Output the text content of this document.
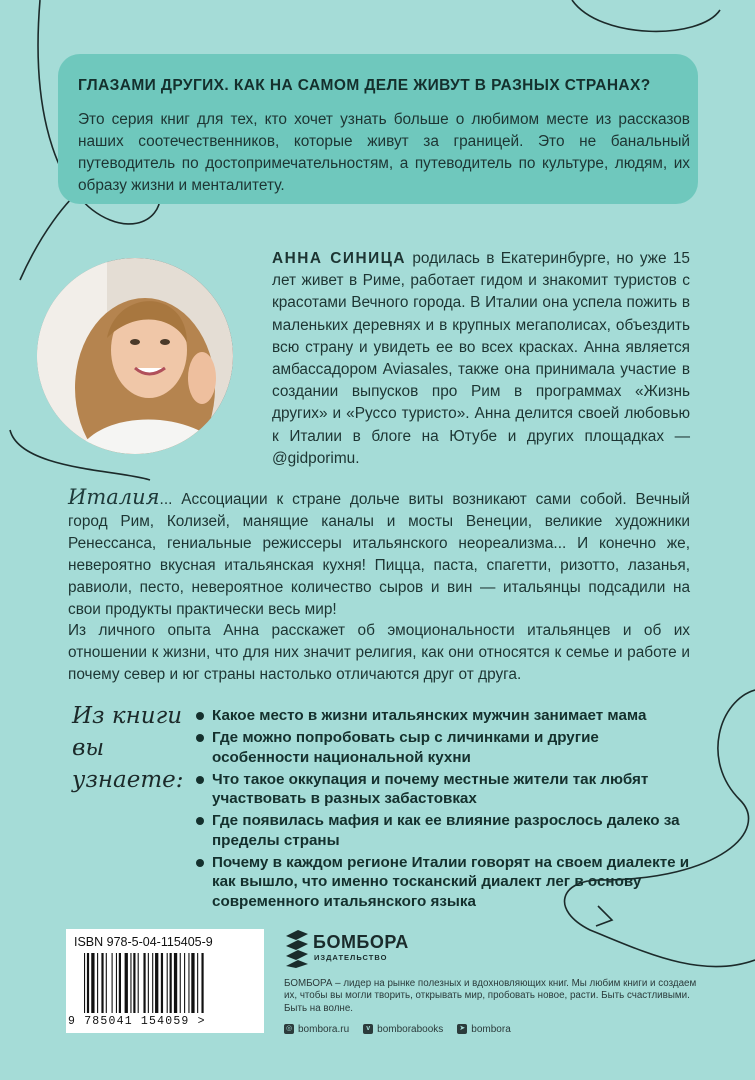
ГЛАЗАМИ ДРУГИХ. КАК НА САМОМ ДЕЛЕ ЖИВУТ В РАЗНЫХ СТРАНАХ?
Это серия книг для тех, кто хочет узнать больше о любимом месте из рассказов наших соотечественников, которые живут за границей. Это не банальный путеводитель по достопримечательностям, а путеводитель по культуре, людям, их образу жизни и менталитету.
АННА СИНИЦА родилась в Екатеринбурге, но уже 15 лет живет в Риме, работает гидом и знакомит туристов с красотами Вечного города. В Италии она успела пожить в маленьких деревнях и в крупных мегаполисах, объездить всю страну и увидеть ее во всех красках. Анна является амбассадором Aviasales, также она принимала участие в создании выпусков про Рим в программах «Жизнь других» и «Руссо туристо». Анна делится своей любовью к Италии в блоге на Ютубе и других площадках — @gidporimu.
Италия... Ассоциации к стране дольче виты возникают сами собой. Вечный город Рим, Колизей, манящие каналы и мосты Венеции, великие художники Ренессанса, гениальные режиссеры итальянского неореализма... И конечно же, невероятно вкусная итальянская кухня! Пицца, паста, спагетти, ризотто, лазанья, равиоли, песто, невероятное количество сыров и вин — итальянцы подсадили на свои продукты практически весь мир!
Из личного опыта Анна расскажет об эмоциональности итальянцев и об их отношении к жизни, что для них значит религия, как они относятся к семье и работе и почему север и юг страны настолько отличаются друг от друга.
Из книги
вы узнаете:
Какое место в жизни итальянских мужчин занимает мама
Где можно попробовать сыр с личинками и другие особенности национальной кухни
Что такое оккупация и почему местные жители так любят участвовать в разных забастовках
Где появилась мафия и как ее влияние разрослось далеко за пределы страны
Почему в каждом регионе Италии говорят на своем диалекте и как вышло, что именно тосканский диалект лег в основу современного итальянского языка
ISBN 978-5-04-115405-9
9 785041 154059 >
БОМБОРА
ИЗДАТЕЛЬСТВО
БОМБОРА – лидер на рынке полезных и вдохновляющих книг. Мы любим книги и создаем их, чтобы вы могли творить, открывать мир, пробовать новое, расти. Быть счастливыми. Быть на волне.
◎ bombora.ru	v bomborabooks ➤ bombora
